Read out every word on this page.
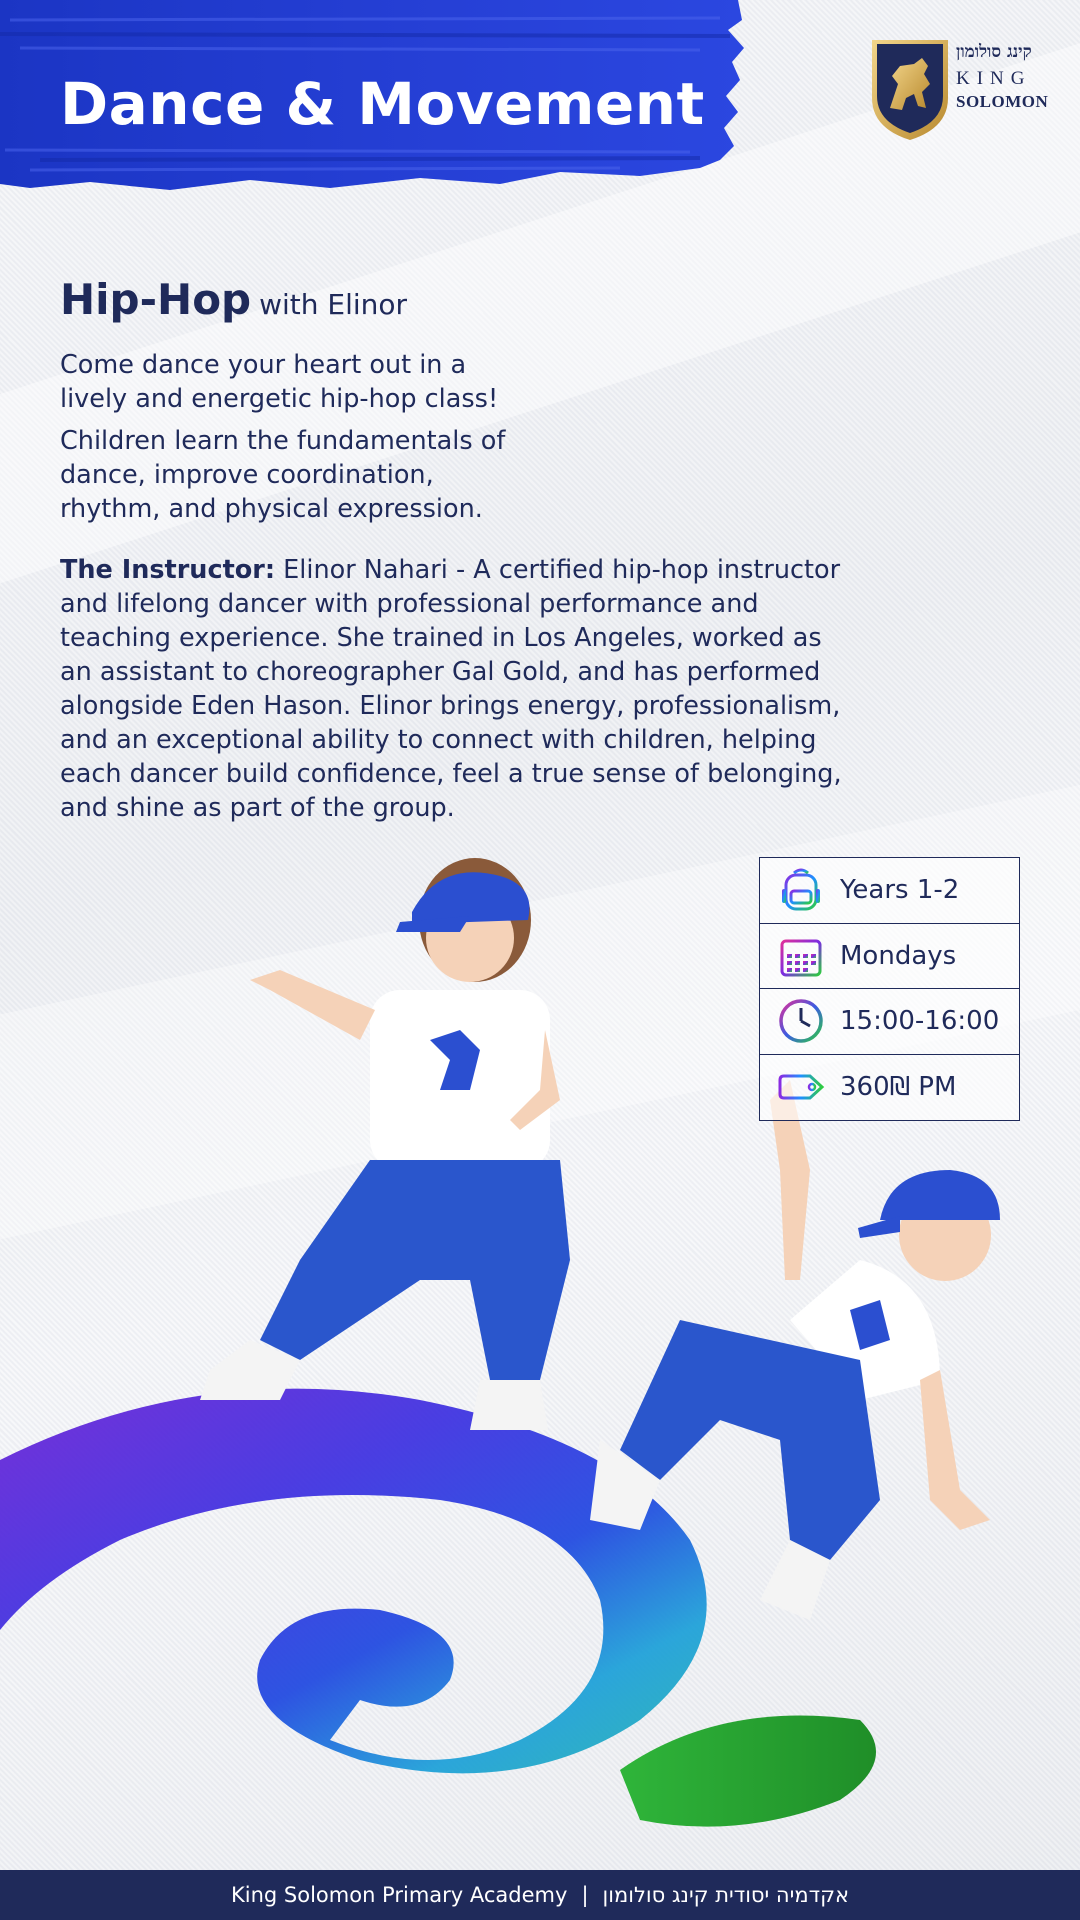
Dance & Movement
קינג סולומון
KING
SOLOMON
Hip-Hop with Elinor

Come dance your heart out in a lively and energetic hip-hop class!

Children learn the fundamentals of dance, improve coordination, rhythm, and physical expression.

The Instructor: Elinor Nahari - A certified hip-hop instructor and lifelong dancer with professional performance and teaching experience. She trained in Los Angeles, worked as an assistant to choreographer Gal Gold, and has performed alongside Eden Hason. Elinor brings energy, professionalism, and an exceptional ability to connect with children, helping each dancer build confidence, feel a true sense of belonging, and shine as part of the group.

Years 1-2
Mondays
15:00-16:00
360₪ PM
King Solomon Primary Academy | אקדמיה יסודית קינג סולומון
